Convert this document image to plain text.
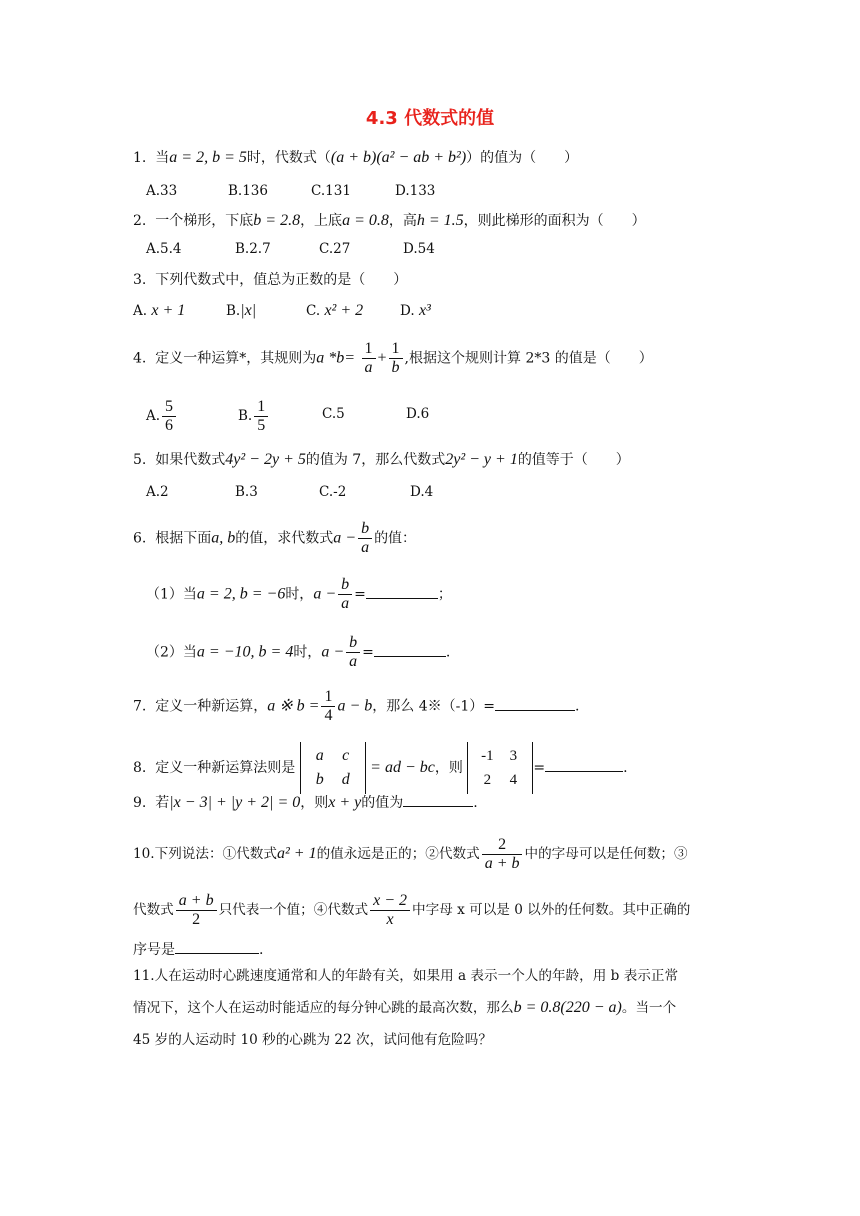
4.3 代数式的值
1. 当a = 2, b = 5时，代数式（(a + b)(a² − ab + b²)）的值为（　　）
A.33	B.136	C.131	D.133
2. 一个梯形，下底b = 2.8，上底a = 0.8，高h = 1.5，则此梯形的面积为（　　）
A.5.4	B.2.7	C.27	D.54
3. 下列代数式中，值总为正数的是（　　）
A. x + 1	B.|x|	C. x² + 2	D. x³
4. 定义一种运算*，其规则为a $*b= \frac{1}{a} + \frac{1}{b}$ ,根据这个规则计算 2*3 的值是（　　）
A. $\frac{5}{6}$	B. $\frac{1}{5}$	C.5	D.6
5. 如果代数式4y² − 2y + 5的值为 7，那么代数式2y² − y + 1的值等于（　　）
A.2	B.3	C.-2	D.4
6. 根据下面a, b的值，求代数式$a - \frac{b}{a}$ 的值：
（1）当a = 2, b = −6时，$a - \frac{b}{a}$ =	；
（2）当a = −10, b = 4时，$a - \frac{b}{a}$ =	.
7. 定义一种新运算，a ※ $b = \frac{1}{4}$ a − b，那么 4※（-1）=	.
8. 定义一种新运算法则是
a c
b d
= ad − bc，则
-1 3
2 4
=	.
9. 若|x − 3| + |y + 2| = 0，则x + y的值为	.
10.下列说法：①代数式a² + 1的值永远是正的；②代数式 $\frac{2}{a + b}$ 中的字母可以是任何数；③
代数式 $\frac{a + b}{2}$ 只代表一个值；④代数式 $\frac{x - 2}{x}$ 中字母 x 可以是 0 以外的任何数。其中正确的
序号是	.
11.人在运动时心跳速度通常和人的年龄有关，如果用 a 表示一个人的年龄，用 b 表示正常
情况下，这个人在运动时能适应的每分钟心跳的最高次数，那么b = 0.8(220 − a)。当一个
45 岁的人运动时 10 秒的心跳为 22 次，试问他有危险吗？
